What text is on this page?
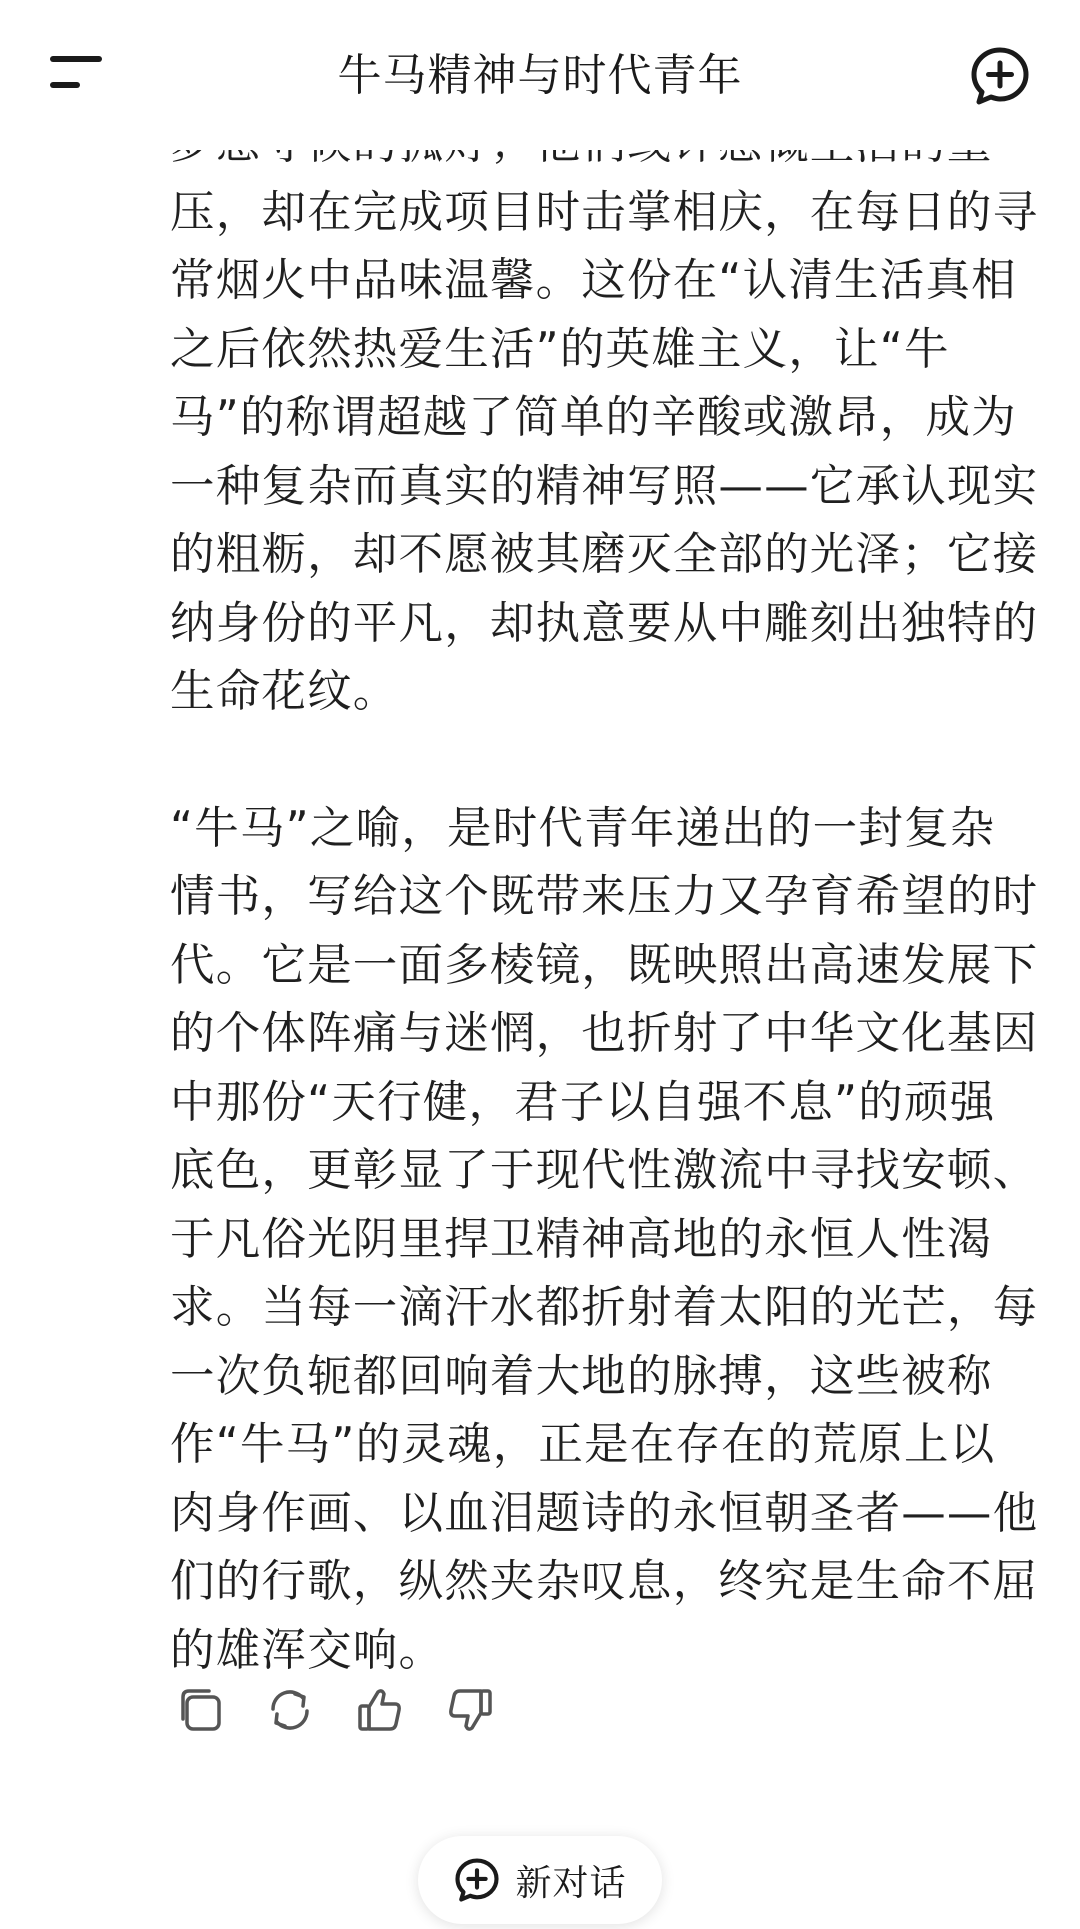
牛马精神与时代青年

压，却在完成项目时击掌相庆，在每日的寻常烟火中品味温馨。这份在“认清生活真相之后依然热爱生活”的英雄主义，让“牛马”的称谓超越了简单的辛酸或激昂，成为一种复杂而真实的精神写照——它承认现实的粗粝，却不愿被其磨灭全部的光泽；它接纳身份的平凡，却执意要从中雕刻出独特的生命花纹。

“牛马”之喻，是时代青年递出的一封复杂情书，写给这个既带来压力又孕育希望的时代。它是一面多棱镜，既映照出高速发展下的个体阵痛与迷惘，也折射了中华文化基因中那份“天行健，君子以自强不息”的顽强底色，更彰显了于现代性激流中寻找安顿、于凡俗光阴里捍卫精神高地的永恒人性渴求。当每一滴汗水都折射着太阳的光芒，每一次负轭都回响着大地的脉搏，这些被称作“牛马”的灵魂，正是在存在的荒原上以肉身作画、以血泪题诗的永恒朝圣者——他们的行歌，纵然夹杂叹息，终究是生命不屈的雄浑交响。

新对话
